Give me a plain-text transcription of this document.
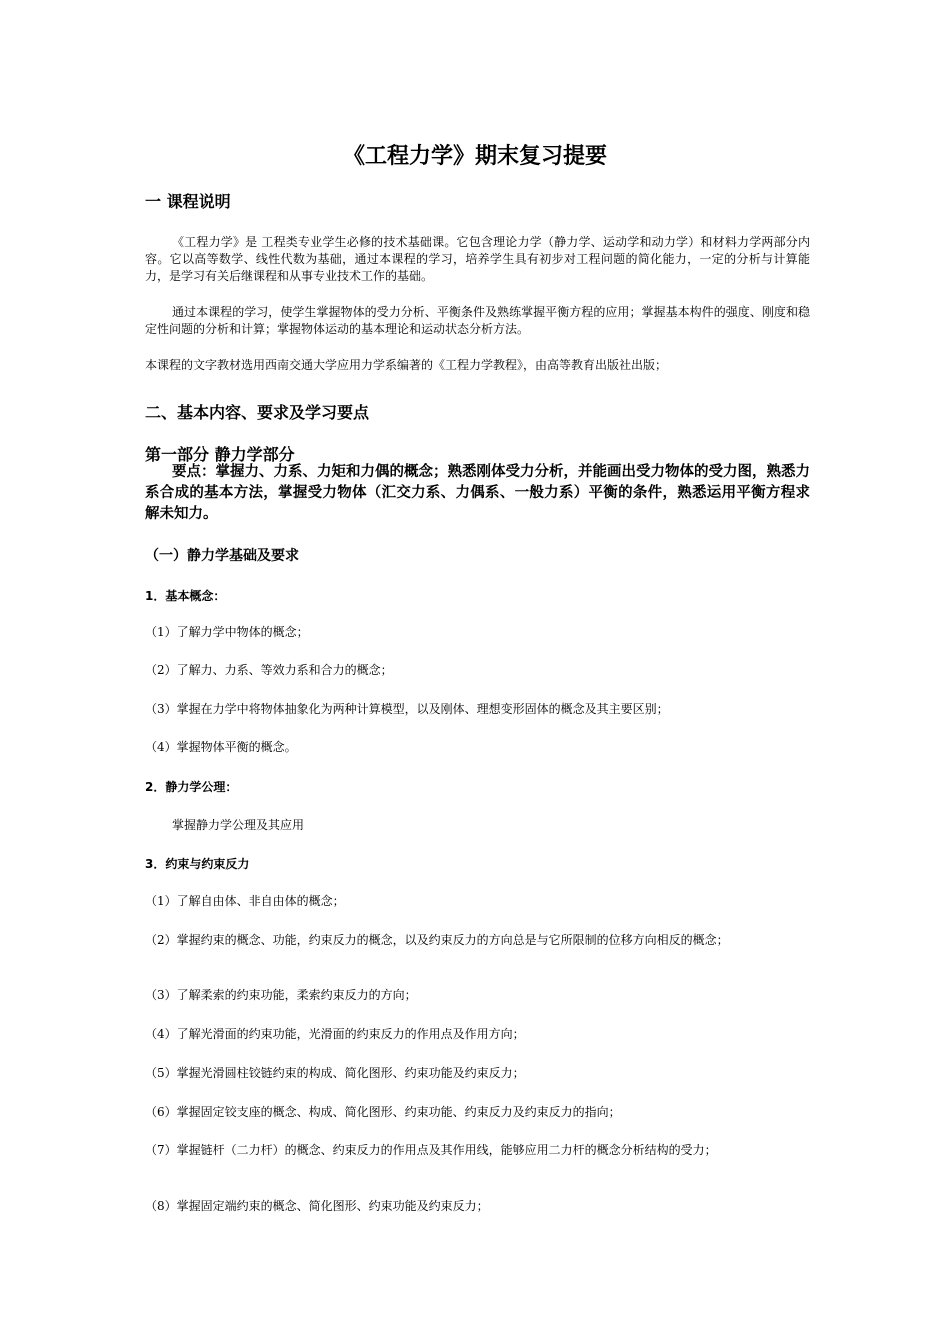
《工程力学》期末复习提要
一 课程说明

《工程力学》是 工程类专业学生必修的技术基础课。它包含理论力学（静力学、运动学和动力学）和材料力学两部分内容。它以高等数学、线性代数为基础，通过本课程的学习，培养学生具有初步对工程问题的简化能力，一定的分析与计算能力，是学习有关后继课程和从事专业技术工作的基础。

通过本课程的学习，使学生掌握物体的受力分析、平衡条件及熟练掌握平衡方程的应用；掌握基本构件的强度、刚度和稳定性问题的分析和计算；掌握物体运动的基本理论和运动状态分析方法。

本课程的文字教材选用西南交通大学应用力学系编著的《工程力学教程》，由高等教育出版社出版；

二、基本内容、要求及学习要点
第一部分 静力学部分

要点：掌握力、力系、力矩和力偶的概念；熟悉刚体受力分析，并能画出受力物体的受力图，熟悉力系合成的基本方法，掌握受力物体（汇交力系、力偶系、一般力系）平衡的条件，熟悉运用平衡方程求解未知力。

（一）静力学基础及要求
1．基本概念：

（1）了解力学中物体的概念；

（2）了解力、力系、等效力系和合力的概念；

（3）掌握在力学中将物体抽象化为两种计算模型，以及刚体、理想变形固体的概念及其主要区别；

（4）掌握物体平衡的概念。

2．静力学公理：

掌握静力学公理及其应用

3．约束与约束反力

（1）了解自由体、非自由体的概念；

（2）掌握约束的概念、功能，约束反力的概念，以及约束反力的方向总是与它所限制的位移方向相反的概念；

（3）了解柔索的约束功能，柔索约束反力的方向；

（4）了解光滑面的约束功能，光滑面的约束反力的作用点及作用方向；

（5）掌握光滑圆柱铰链约束的构成、简化图形、约束功能及约束反力；

（6）掌握固定铰支座的概念、构成、简化图形、约束功能、约束反力及约束反力的指向；

（7）掌握链杆（二力杆）的概念、约束反力的作用点及其作用线，能够应用二力杆的概念分析结构的受力；

（8）掌握固定端约束的概念、简化图形、约束功能及约束反力；
